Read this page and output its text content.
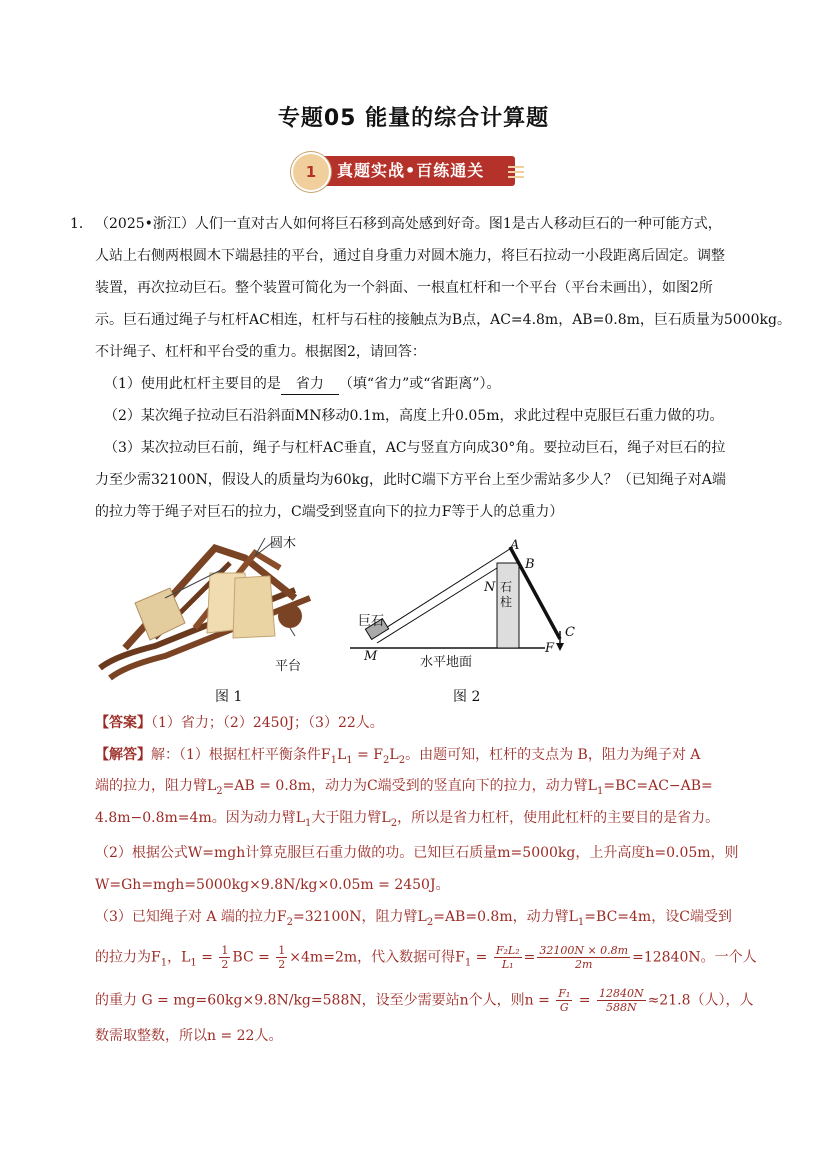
专题05 能量的综合计算题
1	真题实战•百练通关
1． （2025•浙江）人们一直对古人如何将巨石移到高处感到好奇。图1是古人移动巨石的一种可能方式，
人站上右侧两根圆木下端悬挂的平台，通过自身重力对圆木施力，将巨石拉动一小段距离后固定。调整
装置，再次拉动巨石。整个装置可简化为一个斜面、一根直杠杆和一个平台（平台未画出），如图2所
示。巨石通过绳子与杠杆AC相连，杠杆与石柱的接触点为B点，AC=4.8m，AB=0.8m，巨石质量为5000kg。
不计绳子、杠杆和平台受的重力。根据图2，请回答：
（1）使用此杠杆主要目的是 省力 （填“省力”或“省距离”）。
（2）某次绳子拉动巨石沿斜面MN移动0.1m，高度上升0.05m，求此过程中克服巨石重力做的功。
（3）某次拉动巨石前，绳子与杠杆AC垂直，AC与竖直方向成30°角。要拉动巨石，绳子对巨石的拉
力至少需32100N，假设人的质量均为60kg，此时C端下方平台上至少需站多少人？（已知绳子对A端
的拉力等于绳子对巨石的拉力，C端受到竖直向下的拉力F等于人的总重力）
圆木
平台
图 1
A
B
N
M
C
F
巨石
石柱
水平地面
图 2
【答案】（1）省力；（2）2450J；（3）22人。
【解答】解：（1）根据杠杆平衡条件$F_1L_1 = F_2L_2$。由题可知，杠杆的支点为 B，阻力为绳子对 A
端的拉力，阻力臂$L_2=AB = 0.8m$，动力为C端受到的竖直向下的拉力，动力臂$L_1=BC=AC-AB=$
4.8m−0.8m=4m。因为动力臂$L_1$大于阻力臂$L_2$，所以是省力杠杆，使用此杠杆的主要目的是省力。
（2）根据公式W=mgh计算克服巨石重力做的功。已知巨石质量m=5000kg，上升高度h=0.05m，则
W=Gh=mgh=5000kg×9.8N/kg×0.05m = 2450J。
（3）已知绳子对 A 端的拉力$F_2=32100N$，阻力臂$L_2=AB=0.8m$，动力臂$L_1=BC=4m$，设C端受到
的拉力为$F_1$，$L_1 = \frac{1}{2}$ BC = $\frac{1}{2} \times 4m=2m$，代入数据可得$F_1 = \frac{\text{F₂L₂}}{\text{L₁}} = \frac{32100N \times 0.8m}{2m} =12840N$。一个人
的重力 G = mg=60kg×9.8N/kg=588N，设至少需要站n个人，则$n = \frac{\text{F₁}}{G} = \frac{12840N}{588N} \approx 21.8$（人），人
数需取整数，所以n = 22人。
